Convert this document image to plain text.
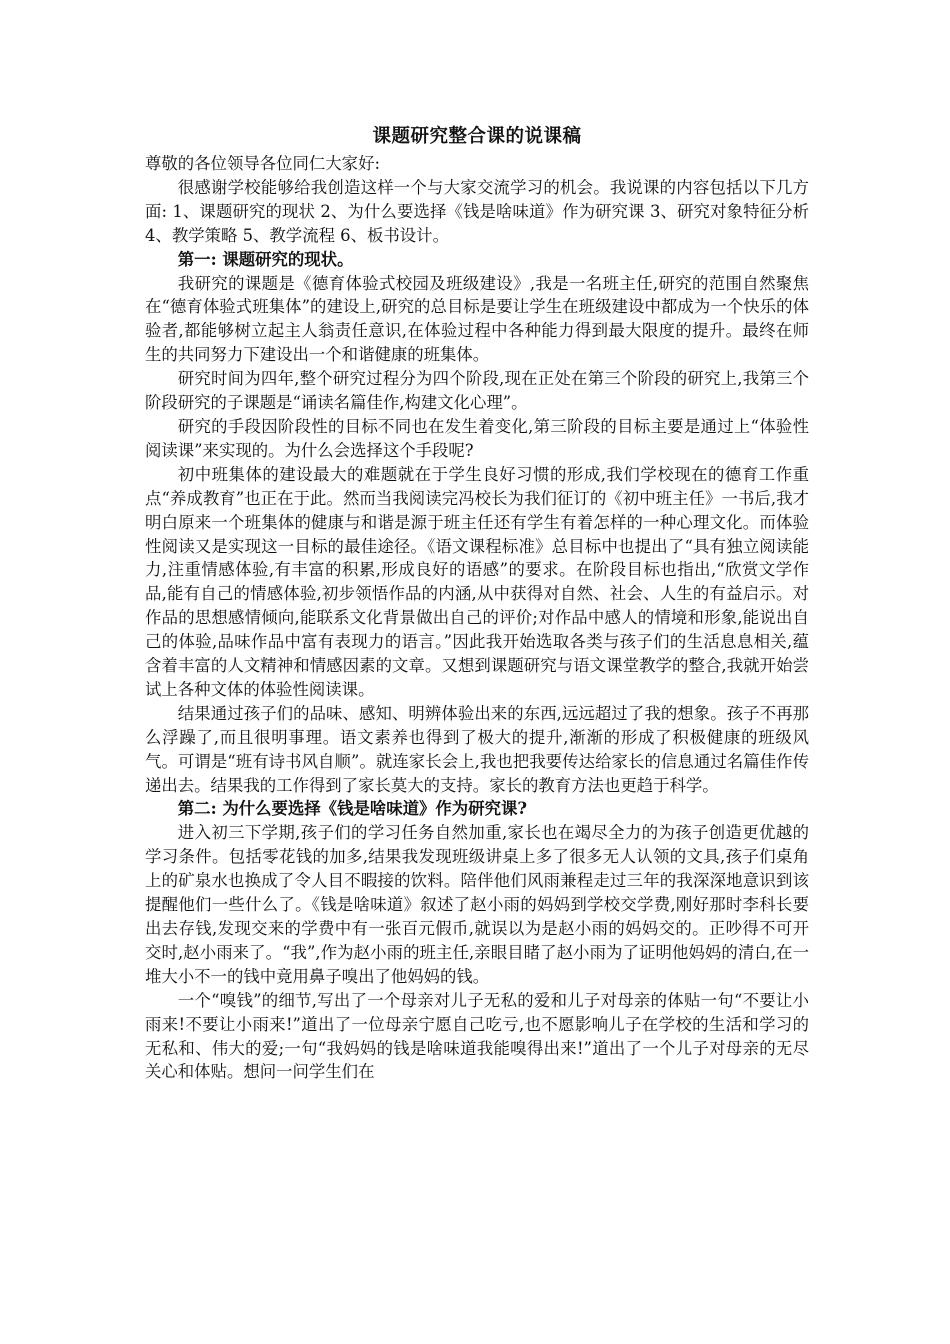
课题研究整合课的说课稿

尊敬的各位领导各位同仁大家好:

很感谢学校能够给我创造这样一个与大家交流学习的机会。我说课的内容包括以下几方面: 1、课题研究的现状 2、为什么要选择《钱是啥味道》作为研究课 3、研究对象特征分析 4、教学策略 5、教学流程 6、板书设计。

第一: 课题研究的现状。

我研究的课题是《德育体验式校园及班级建设》,我是一名班主任,研究的范围自然聚焦在“德育体验式班集体”的建设上,研究的总目标是要让学生在班级建设中都成为一个快乐的体验者,都能够树立起主人翁责任意识,在体验过程中各种能力得到最大限度的提升。最终在师生的共同努力下建设出一个和谐健康的班集体。

研究时间为四年,整个研究过程分为四个阶段,现在正处在第三个阶段的研究上,我第三个阶段研究的子课题是“诵读名篇佳作,构建文化心理”。

研究的手段因阶段性的目标不同也在发生着变化,第三阶段的目标主要是通过上“体验性阅读课”来实现的。为什么会选择这个手段呢?

初中班集体的建设最大的难题就在于学生良好习惯的形成,我们学校现在的德育工作重点“养成教育”也正在于此。然而当我阅读完冯校长为我们征订的《初中班主任》一书后,我才明白原来一个班集体的健康与和谐是源于班主任还有学生有着怎样的一种心理文化。而体验性阅读又是实现这一目标的最佳途径。《语文课程标准》总目标中也提出了“具有独立阅读能力,注重情感体验,有丰富的积累,形成良好的语感”的要求。在阶段目标也指出,“欣赏文学作品,能有自己的情感体验,初步领悟作品的内涵,从中获得对自然、社会、人生的有益启示。对作品的思想感情倾向,能联系文化背景做出自己的评价;对作品中感人的情境和形象,能说出自己的体验,品味作品中富有表现力的语言。”因此我开始选取各类与孩子们的生活息息相关,蕴含着丰富的人文精神和情感因素的文章。又想到课题研究与语文课堂教学的整合,我就开始尝试上各种文体的体验性阅读课。

结果通过孩子们的品味、感知、明辨体验出来的东西,远远超过了我的想象。孩子不再那么浮躁了,而且很明事理。语文素养也得到了极大的提升,渐渐的形成了积极健康的班级风气。可谓是“班有诗书风自顺”。就连家长会上,我也把我要传达给家长的信息通过名篇佳作传递出去。结果我的工作得到了家长莫大的支持。家长的教育方法也更趋于科学。

第二: 为什么要选择《钱是啥味道》作为研究课?

进入初三下学期,孩子们的学习任务自然加重,家长也在竭尽全力的为孩子创造更优越的学习条件。包括零花钱的加多,结果我发现班级讲桌上多了很多无人认领的文具,孩子们桌角上的矿泉水也换成了令人目不暇接的饮料。陪伴他们风雨兼程走过三年的我深深地意识到该提醒他们一些什么了。《钱是啥味道》叙述了赵小雨的妈妈到学校交学费,刚好那时李科长要出去存钱,发现交来的学费中有一张百元假币,就误以为是赵小雨的妈妈交的。正吵得不可开交时,赵小雨来了。“我”,作为赵小雨的班主任,亲眼目睹了赵小雨为了证明他妈妈的清白,在一堆大小不一的钱中竟用鼻子嗅出了他妈妈的钱。

一个“嗅钱”的细节,写出了一个母亲对儿子无私的爱和儿子对母亲的体贴一句“不要让小雨来!不要让小雨来!”道出了一位母亲宁愿自己吃亏,也不愿影响儿子在学校的生活和学习的无私和、伟大的爱;一句“我妈妈的钱是啥味道我能嗅得出来!”道出了一个儿子对母亲的无尽关心和体贴。想问一问学生们在
